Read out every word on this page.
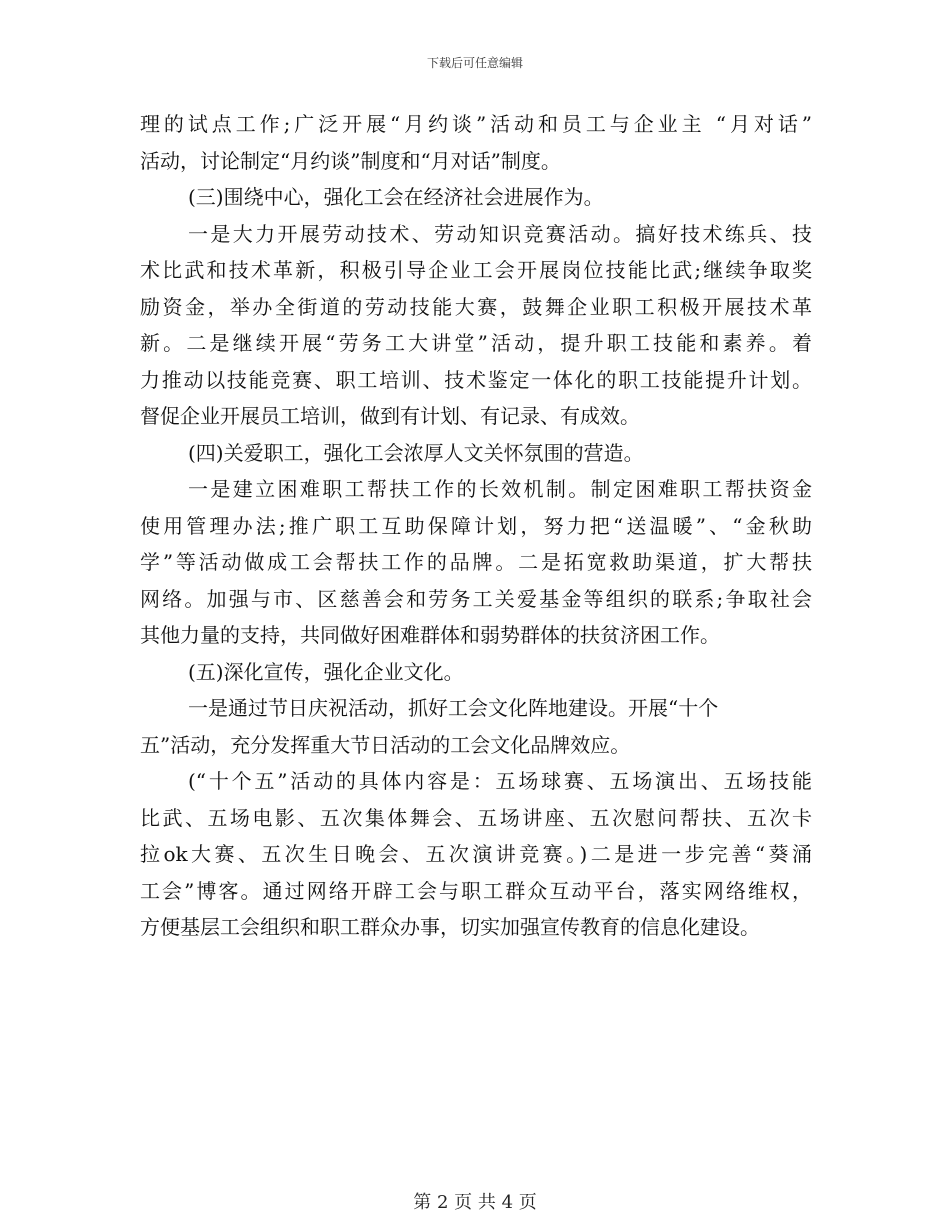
下载后可任意编辑
理的试点工作;广泛开展“月约谈”活动和员工与企业主 “月对话”
活动，讨论制定“月约谈”制度和“月对话”制度。
(三)围绕中心，强化工会在经济社会进展作为。
一是大力开展劳动技术、劳动知识竞赛活动。搞好技术练兵、技
术比武和技术革新，积极引导企业工会开展岗位技能比武;继续争取奖
励资金，举办全街道的劳动技能大赛，鼓舞企业职工积极开展技术革
新。二是继续开展“劳务工大讲堂”活动，提升职工技能和素养。着
力推动以技能竞赛、职工培训、技术鉴定一体化的职工技能提升计划。
督促企业开展员工培训，做到有计划、有记录、有成效。
(四)关爱职工，强化工会浓厚人文关怀氛围的营造。
一是建立困难职工帮扶工作的长效机制。制定困难职工帮扶资金
使用管理办法;推广职工互助保障计划，努力把“送温暖”、“金秋助
学”等活动做成工会帮扶工作的品牌。二是拓宽救助渠道，扩大帮扶
网络。加强与市、区慈善会和劳务工关爱基金等组织的联系;争取社会
其他力量的支持，共同做好困难群体和弱势群体的扶贫济困工作。
(五)深化宣传，强化企业文化。
一是通过节日庆祝活动，抓好工会文化阵地建设。开展“十个
五”活动，充分发挥重大节日活动的工会文化品牌效应。
(“十个五”活动的具体内容是：五场球赛、五场演出、五场技能
比武、五场电影、五次集体舞会、五场讲座、五次慰问帮扶、五次卡
拉ok大赛、五次生日晚会、五次演讲竞赛。)二是进一步完善“葵涌
工会”博客。通过网络开辟工会与职工群众互动平台，落实网络维权，
方便基层工会组织和职工群众办事，切实加强宣传教育的信息化建设。
第 2 页 共 4 页
